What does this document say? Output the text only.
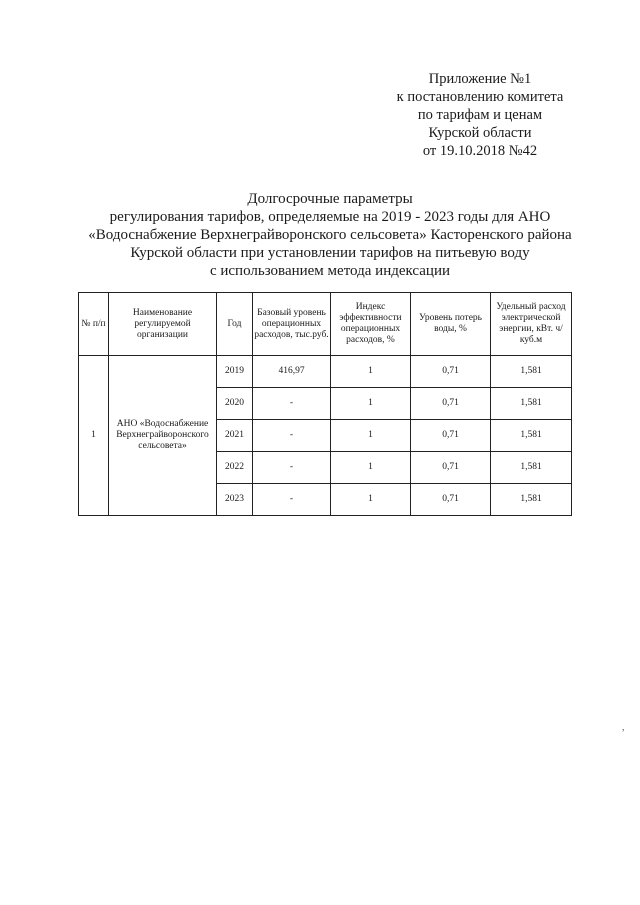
Приложение №1
к постановлению комитета
по тарифам и ценам
Курской области
от 19.10.2018 №42
Долгосрочные параметры
регулирования тарифов, определяемые на 2019 - 2023 годы для АНО
«Водоснабжение Верхнеграйворонского сельсовета» Касторенского района
Курской области при установлении тарифов на питьевую воду
с использованием метода индексации
№ п/п	Наименование регулируемой организации	Год	Базовый уровень операционных расходов, тыс.руб.	Индекс эффективности операционных расходов, %	Уровень потерь воды, %	Удельный расход электрической энергии, кВт. ч/куб.м
1	АНО «Водоснабжение Верхнеграйворонского сельсовета»	2019	416,97	1	0,71	1,581
		2020	-	1	0,71	1,581
		2021	-	1	0,71	1,581
		2022	-	1	0,71	1,581
		2023	-	1	0,71	1,581
,
